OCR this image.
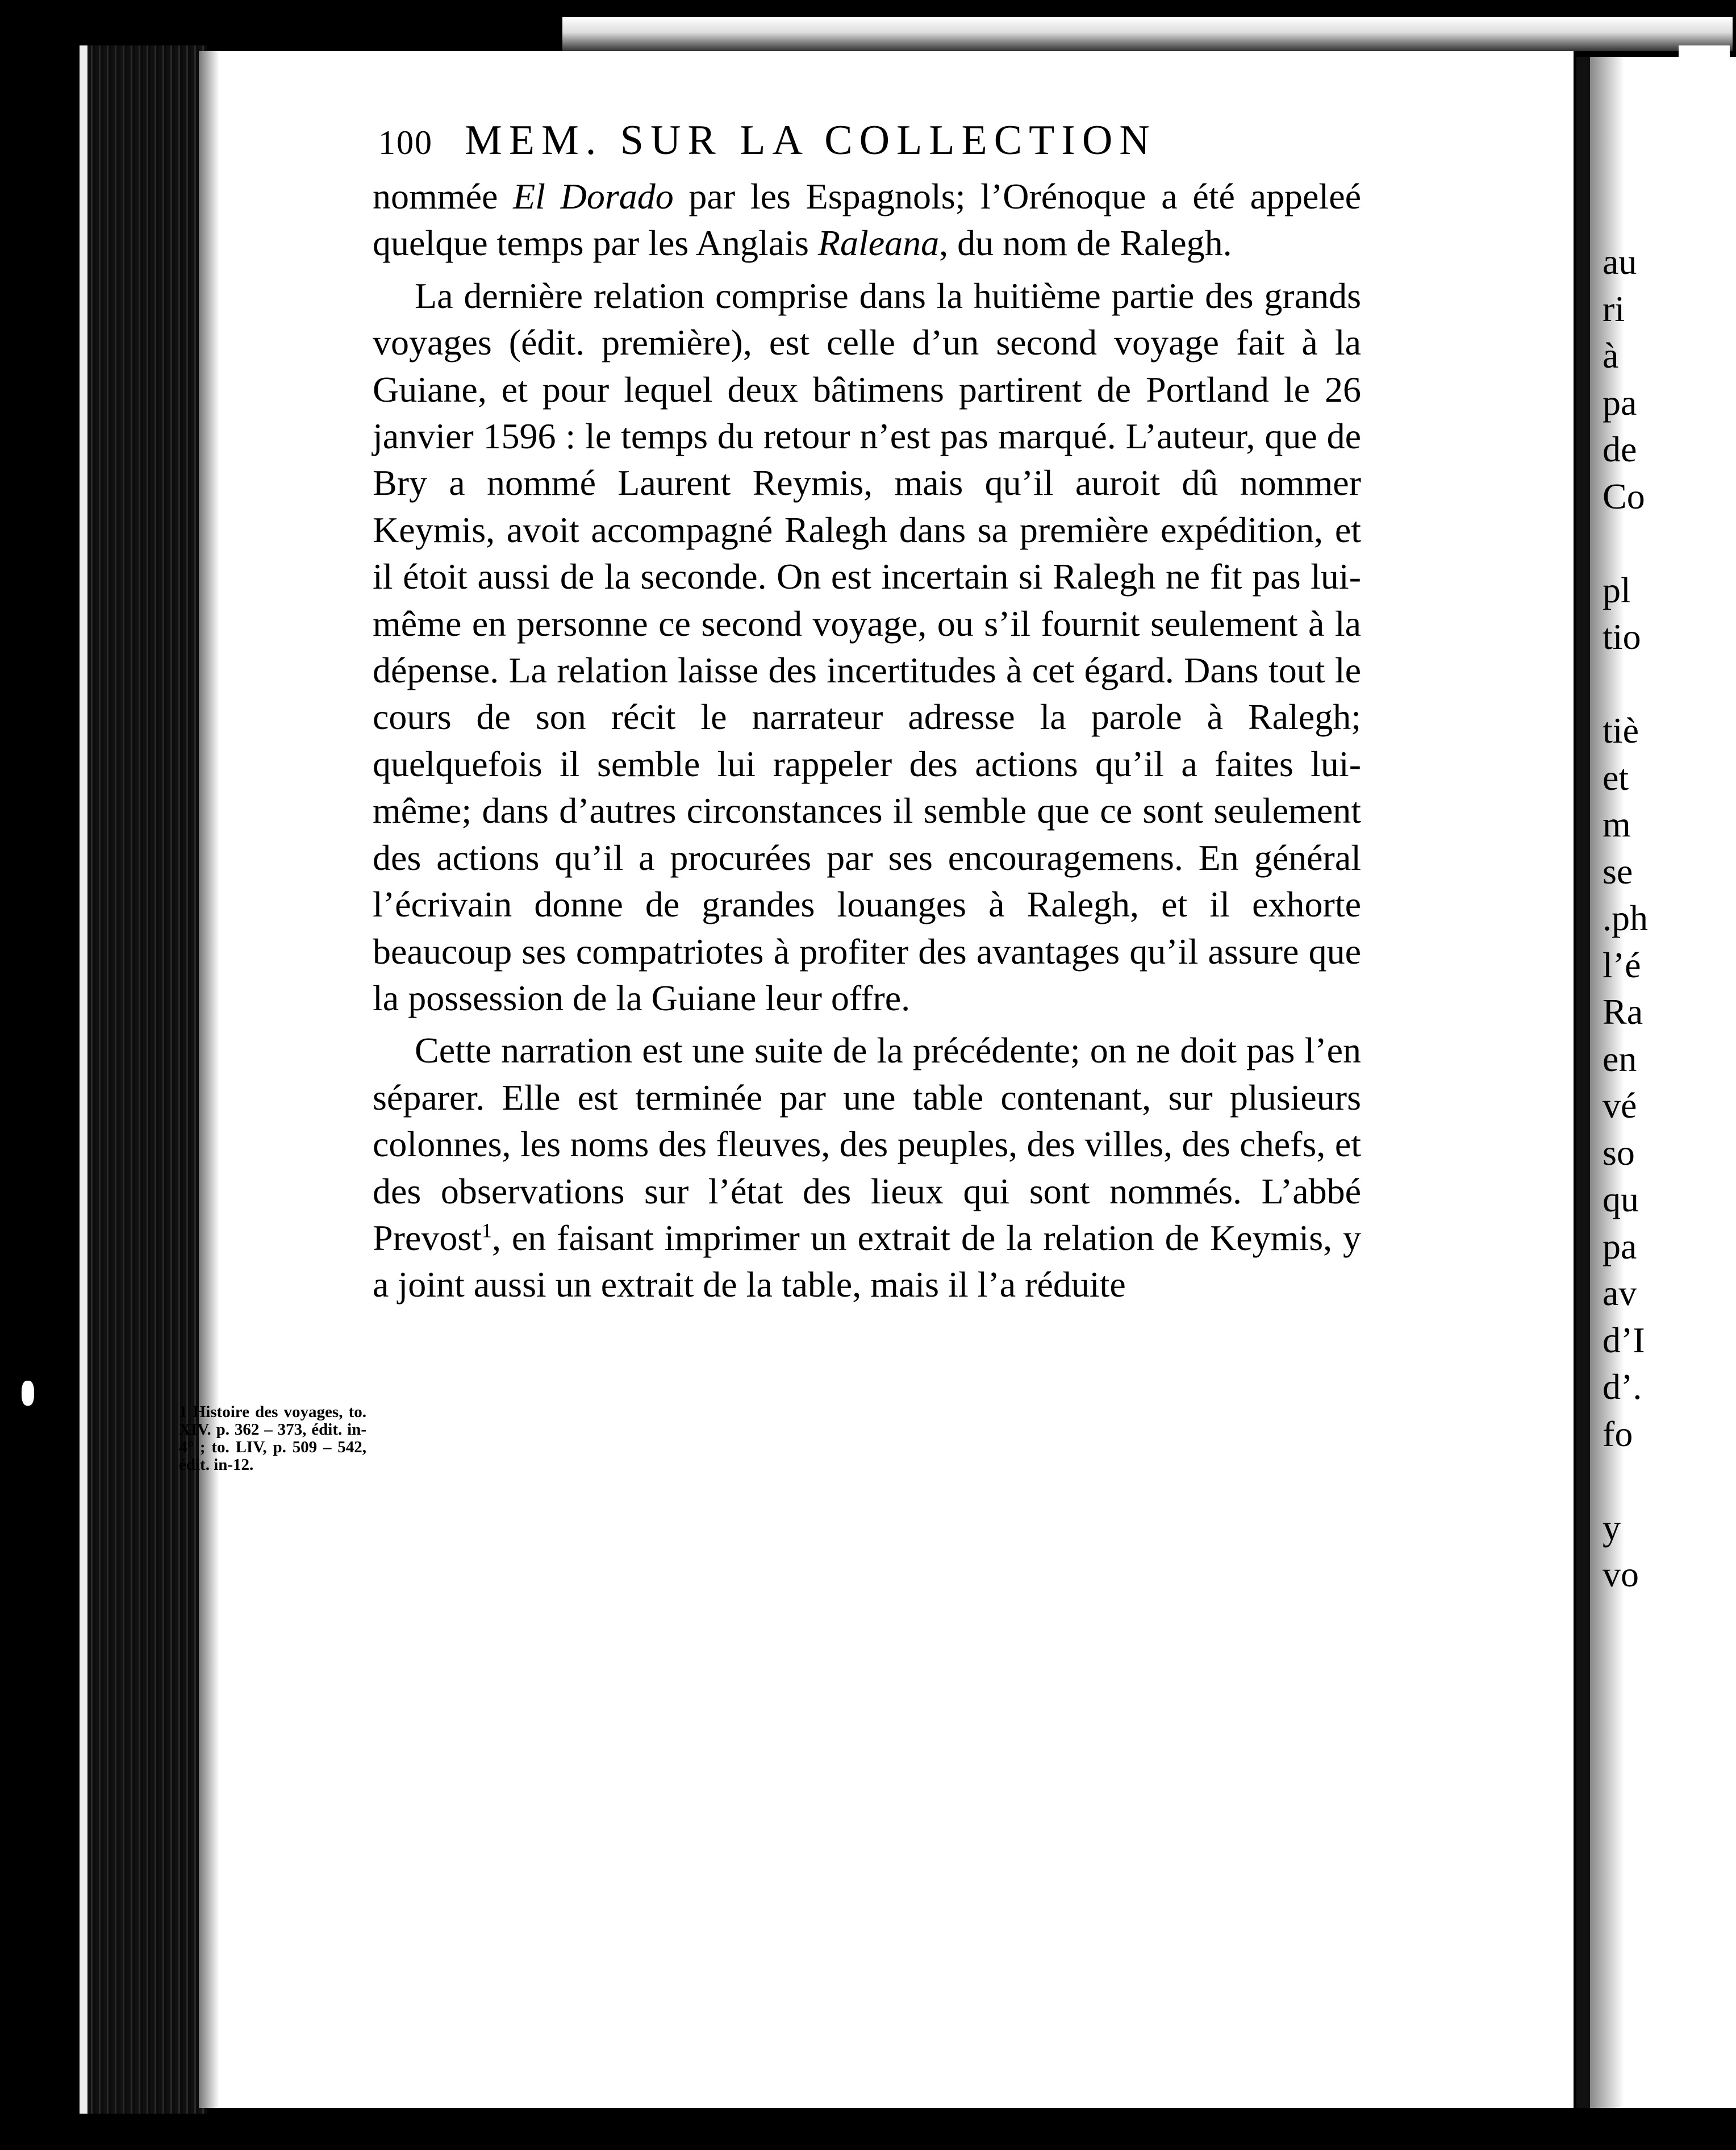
100 MEM. SUR LA COLLECTION

nommée El Dorado par les Espagnols; l’Orénoque a été appeleé quelque temps par les Anglais Raleana, du nom de Ralegh.

La dernière relation comprise dans la huitième partie des grands voyages (édit. première), est celle d’un second voyage fait à la Guiane, et pour lequel deux bâtimens partirent de Portland le 26 janvier 1596 : le temps du retour n’est pas marqué. L’auteur, que de Bry a nommé Laurent Reymis, mais qu’il auroit dû nommer Keymis, avoit accompagné Ralegh dans sa première expédition, et il étoit aussi de la seconde. On est incertain si Ralegh ne fit pas lui-même en personne ce second voyage, ou s’il fournit seulement à la dépense. La relation laisse des incertitudes à cet égard. Dans tout le cours de son récit le narrateur adresse la parole à Ralegh; quelquefois il semble lui rappeler des actions qu’il a faites lui-même; dans d’autres circonstances il semble que ce sont seulement des actions qu’il a procurées par ses encouragemens. En général l’écrivain donne de grandes louanges à Ralegh, et il exhorte beaucoup ses compatriotes à profiter des avantages qu’il assure que la possession de la Guiane leur offre.

Cette narration est une suite de la précédente; on ne doit pas l’en séparer. Elle est terminée par une table contenant, sur plusieurs colonnes, les noms des fleuves, des peuples, des villes, des chefs, et des observations sur l’état des lieux qui sont nommés. L’abbé Prevost$^1$, en faisant imprimer un extrait de la relation de Keymis, y a joint aussi un extrait de la table, mais il l’a réduite

1 Histoire des voyages, to. XIV. p. 362 – 373, édit. in-4° ; to. LIV, p. 509 – 542, édit. in-12.
au
ri
à
pa
de
Co

pl
tio

tiè
et
m
se
.ph
l’é
Ra
en
vé
so
qu
pa
av
d’I
d’.
fo

y
vo
